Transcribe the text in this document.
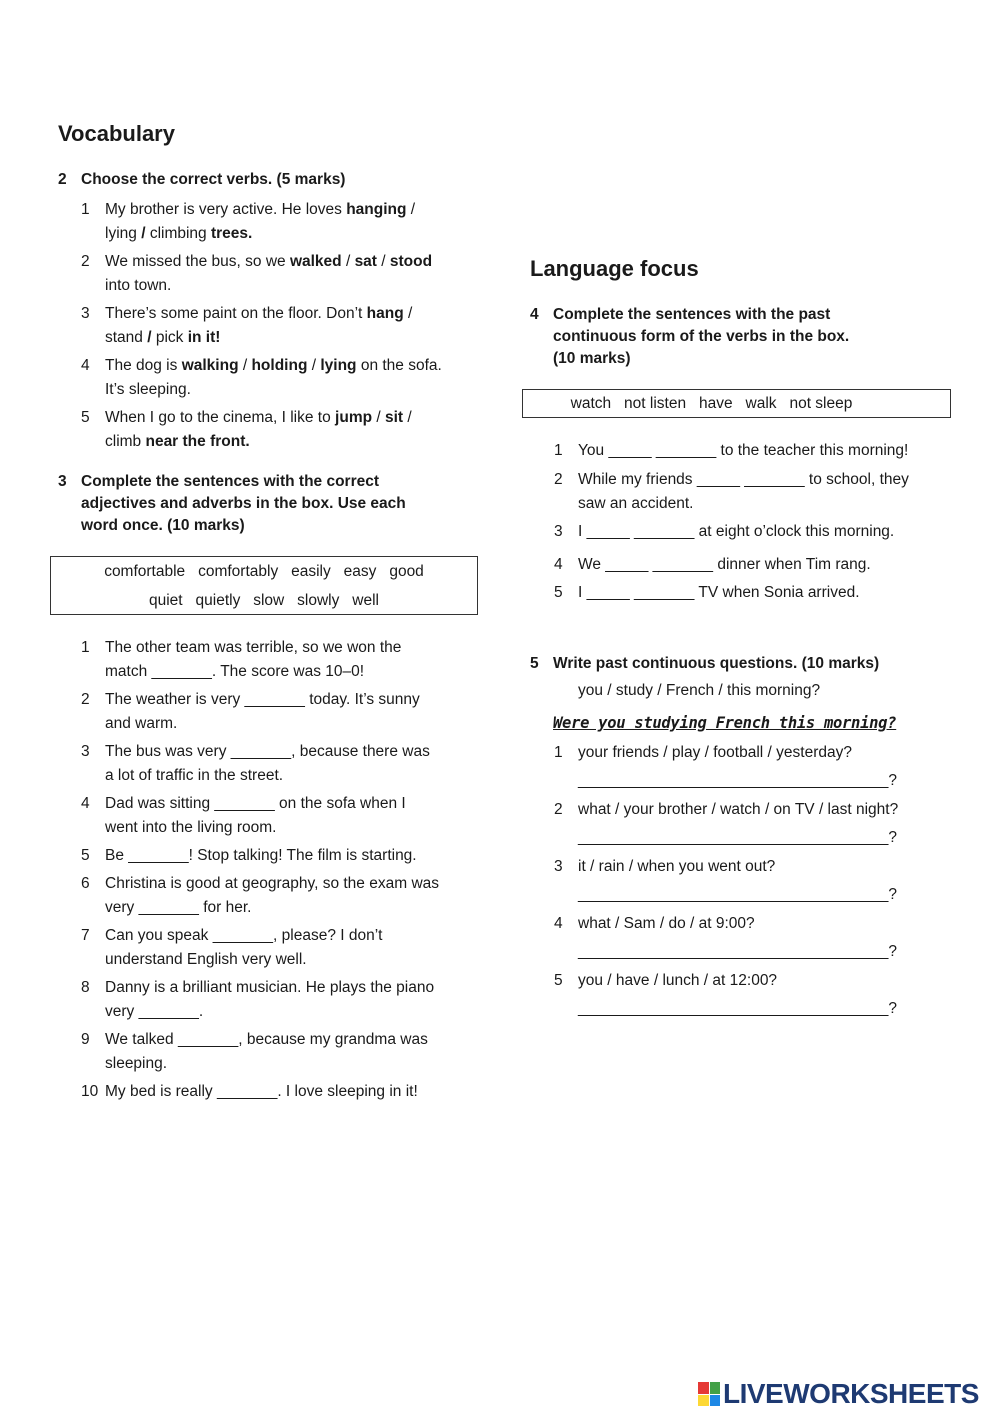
Vocabulary
2 Choose the correct verbs. (5 marks)
1 My brother is very active. He loves hanging /
lying / climbing trees.
2 We missed the bus, so we walked / sat / stood
into town.
3 There’s some paint on the floor. Don’t hang /
stand / pick in it!
4 The dog is walking / holding / lying on the sofa.
It’s sleeping.
5 When I go to the cinema, I like to jump / sit /
climb near the front.
3 Complete the sentences with the correct
adjectives and adverbs in the box. Use each
word once. (10 marks)
comfortable   comfortably   easily   easy   good
quiet   quietly   slow   slowly   well
1 The other team was terrible, so we won the
match _______. The score was 10–0!
2 The weather is very _______ today. It’s sunny
and warm.
3 The bus was very _______, because there was
a lot of traffic in the street.
4 Dad was sitting _______ on the sofa when I
went into the living room.
5 Be _______! Stop talking! The film is starting.
6 Christina is good at geography, so the exam was
very _______ for her.
7 Can you speak _______, please? I don’t
understand English very well.
8 Danny is a brilliant musician. He plays the piano
very _______.
9 We talked _______, because my grandma was
sleeping.
10 My bed is really _______. I love sleeping in it!
Language focus
4 Complete the sentences with the past
continuous form of the verbs in the box.
(10 marks)
watch   not listen   have   walk   not sleep
1 You _____ _______ to the teacher this morning!
2 While my friends _____ _______ to school, they
saw an accident.
3 I _____ _______ at eight o’clock this morning.
4 We _____ _______ dinner when Tim rang.
5 I _____ _______ TV when Sonia arrived.
5 Write past continuous questions. (10 marks)
you / study / French / this morning?
Were you studying French this morning?
1 your friends / play / football / yesterday?
____________________________________?
2 what / your brother / watch / on TV / last night?
____________________________________?
3 it / rain / when you went out?
____________________________________?
4 what / Sam / do / at 9:00?
____________________________________?
5 you / have / lunch / at 12:00?
____________________________________?
LIVEWORKSHEETS
